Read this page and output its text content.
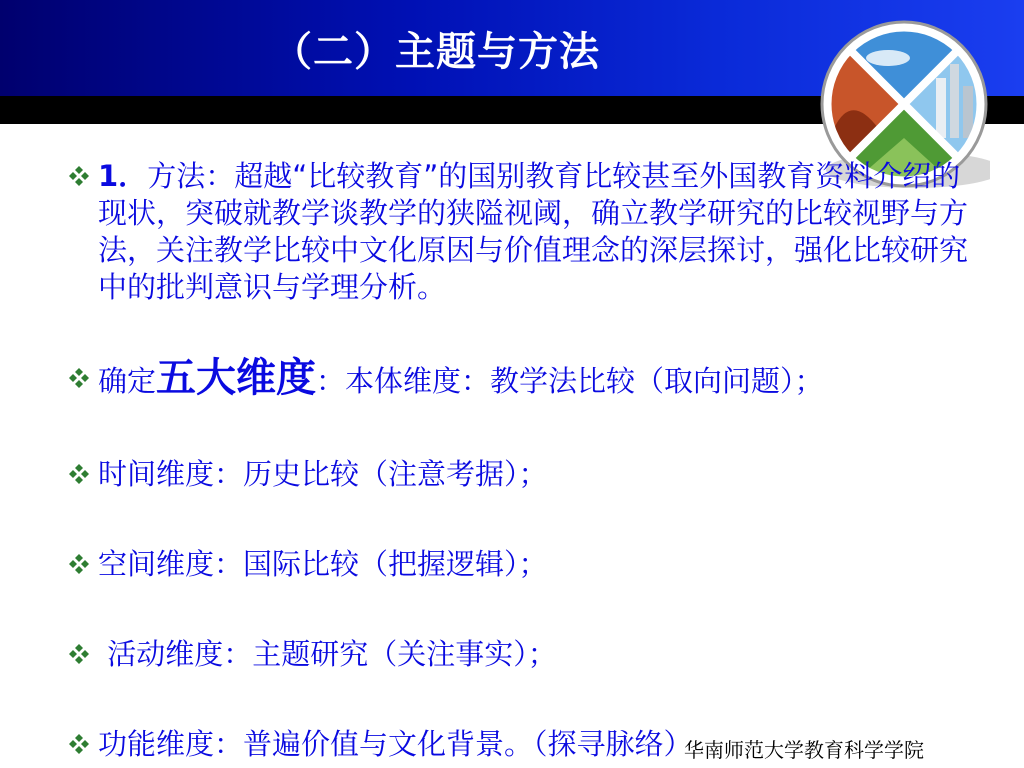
（二）主题与方法
1．方法：超越“比较教育”的国别教育比较甚至外国教育资料介绍的现状，突破就教学谈教学的狭隘视阈，确立教学研究的比较视野与方法，关注教学比较中文化原因与价值理念的深层探讨，强化比较研究中的批判意识与学理分析。
确定五大维度：本体维度：教学法比较（取向问题）；
时间维度：历史比较（注意考据）；
空间维度：国际比较（把握逻辑）；
活动维度：主题研究（关注事实）；
功能维度：普遍价值与文化背景。（探寻脉络）
华南师范大学教育科学学院
